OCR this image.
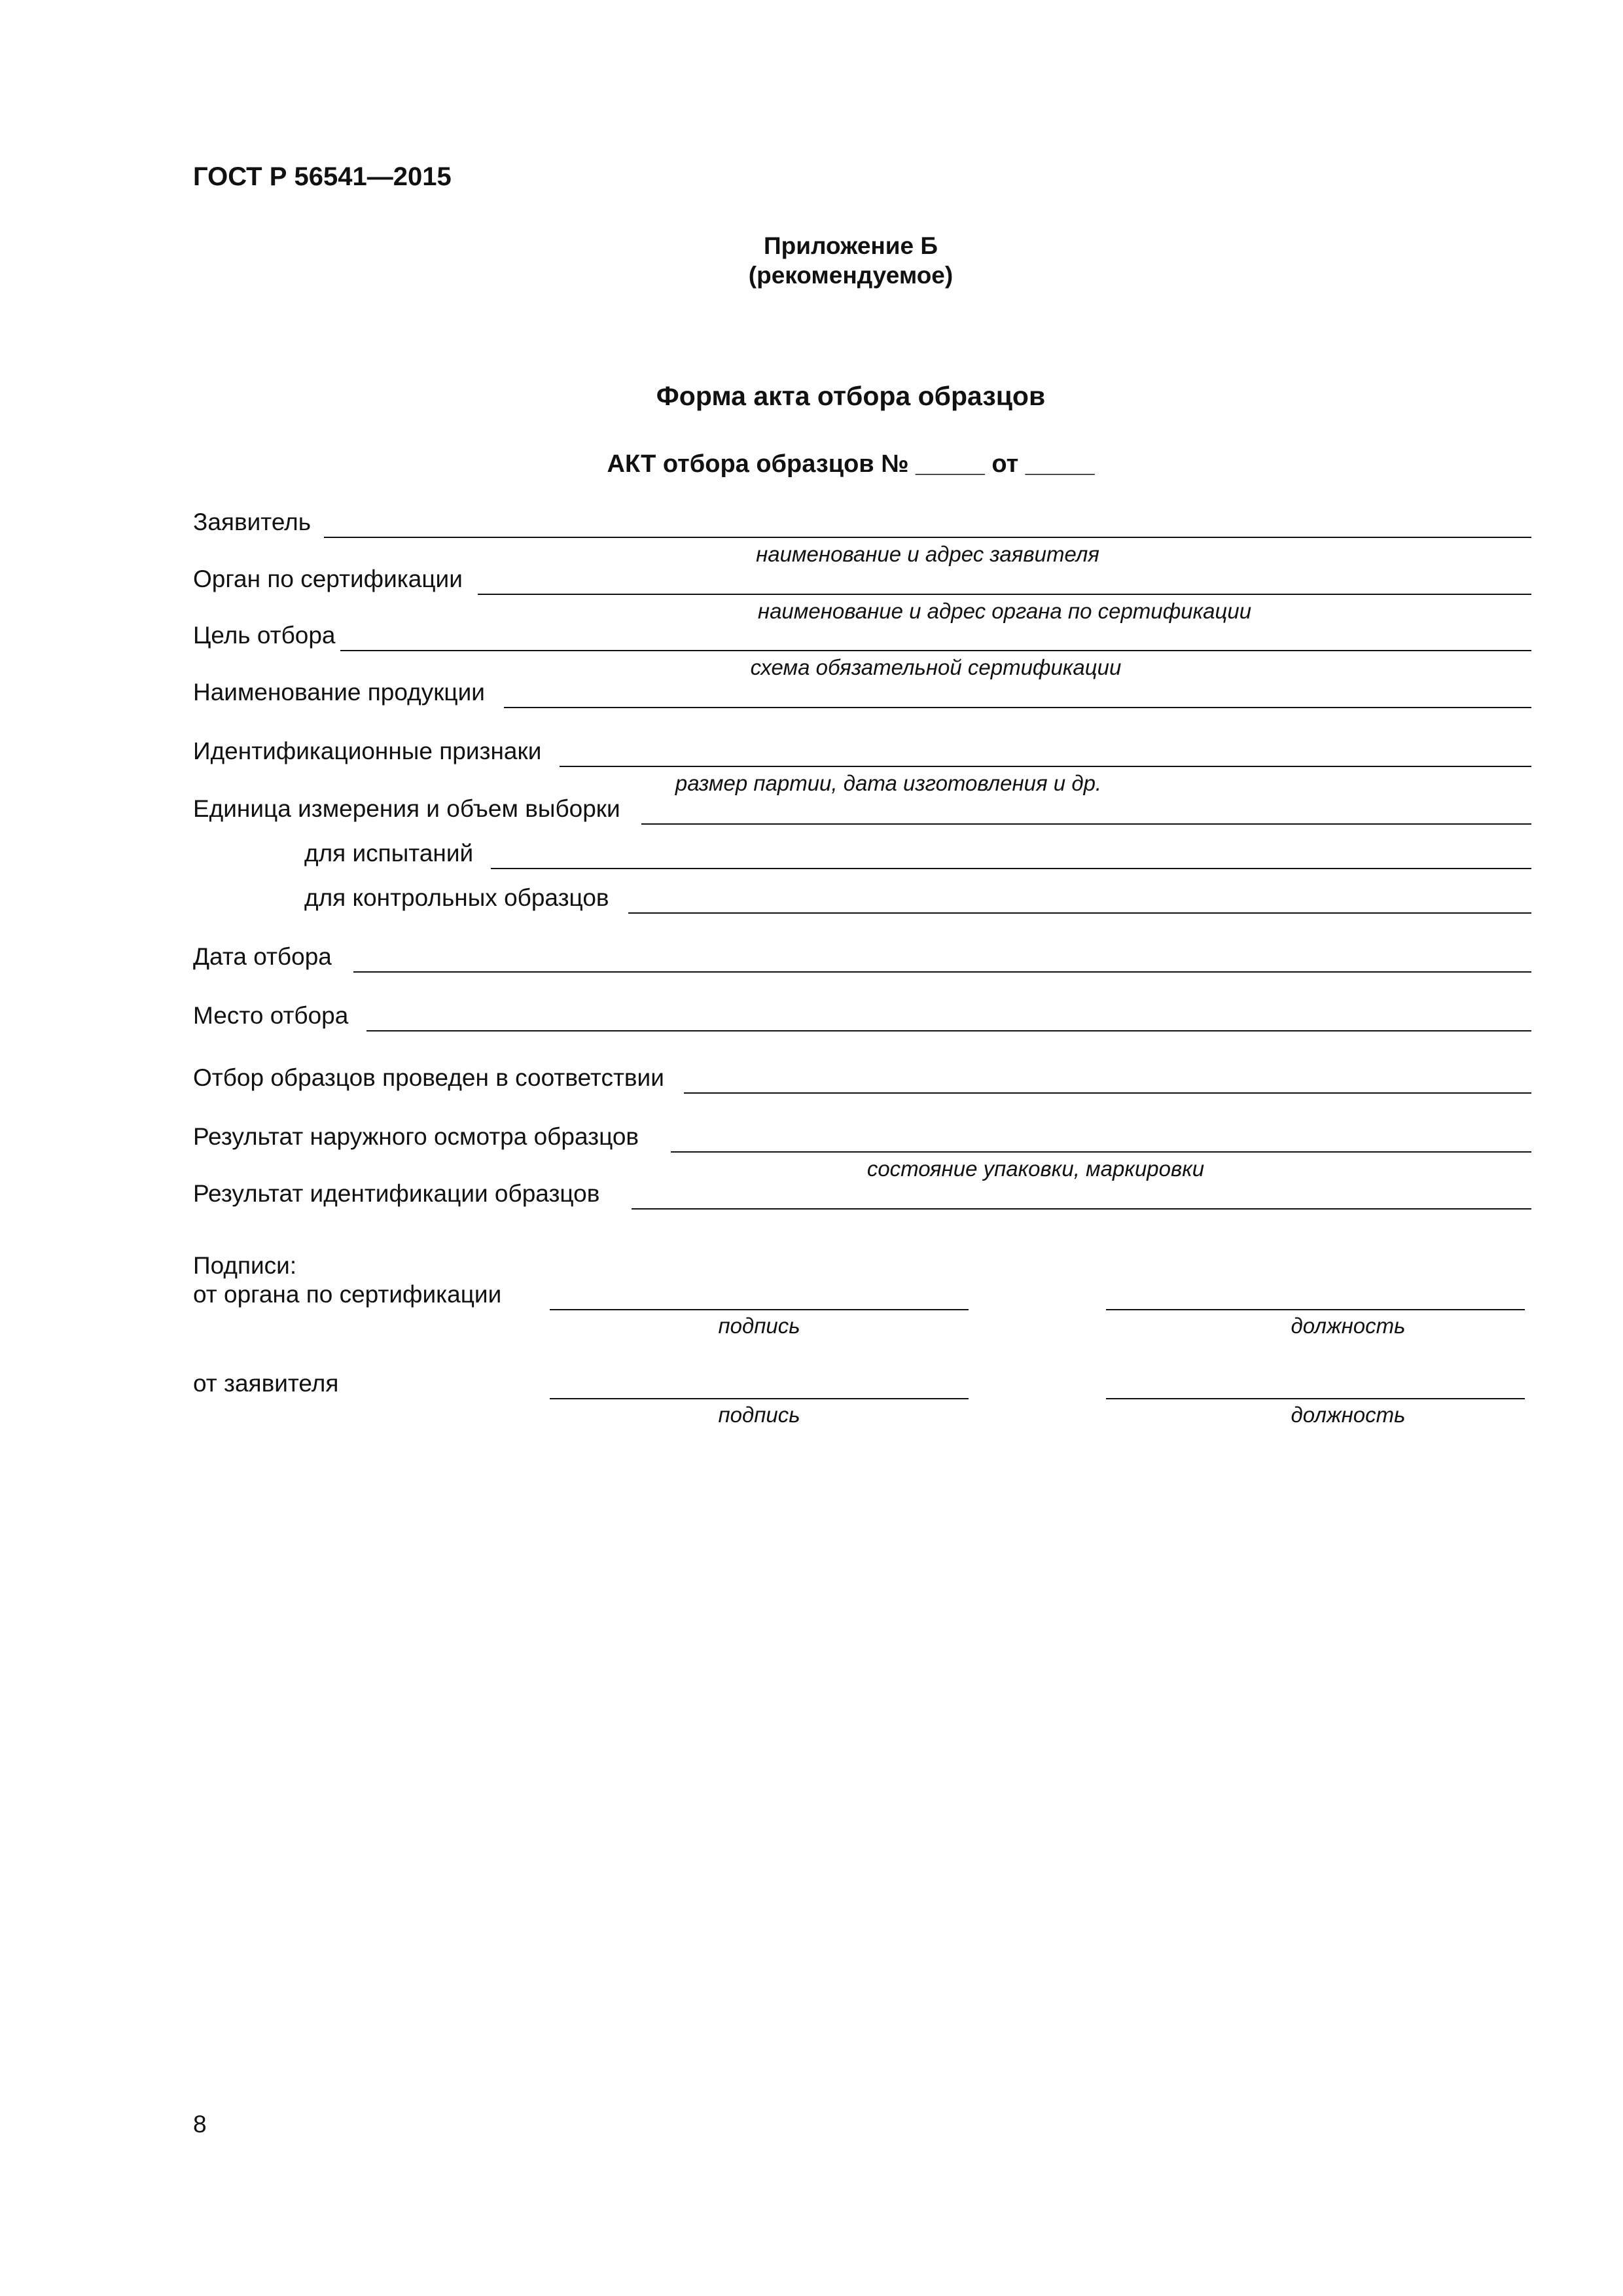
ГОСТ Р 56541—2015
Приложение Б
(рекомендуемое)
Форма акта отбора образцов
АКТ отбора образцов № _____ от _____
Заявитель
наименование и адрес заявителя
Орган по сертификации
наименование и адрес органа по сертификации
Цель отбора
схема обязательной сертификации
Наименование продукции
Идентификационные признаки
размер партии, дата изготовления и др.
Единица измерения и объем выборки
для испытаний
для контрольных образцов
Дата отбора
Место отбора
Отбор образцов проведен в соответствии
Результат наружного осмотра образцов
состояние упаковки, маркировки
Результат идентификации образцов
Подписи:
от органа по сертификации
подпись	должность
от заявителя
подпись	должность
8
